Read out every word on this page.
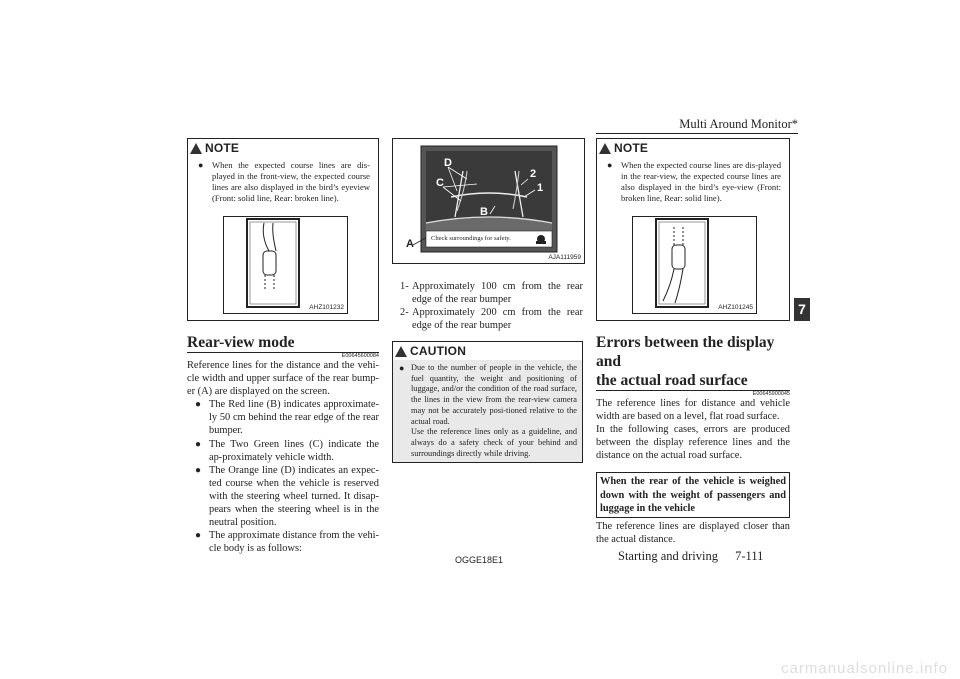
Multi Around Monitor*
7
NOTE
● When the expected course lines are dis-played in the front-view, the expected course lines are also displayed in the bird’s eyeview (Front: solid line, Rear: broken line).
AHZ101232
Rear-view mode
E00645600084
Reference lines for the distance and the vehi-cle width and upper surface of the rear bump-er (A) are displayed on the screen.
● The Red line (B) indicates approximate-ly 50 cm behind the rear edge of the rear bumper.
● The Two Green lines (C) indicate the ap-proximately vehicle width.
● The Orange line (D) indicates an expec-ted course when the vehicle is reserved with the steering wheel turned. It disap-pears when the steering wheel is in the neutral position.
● The approximate distance from the vehi-cle body is as follows:
D
C
B
2
1
A	Check surroundings for safety.
AJA111959
1- Approximately 100 cm from the rear edge of the rear bumper
2- Approximately 200 cm from the rear edge of the rear bumper
CAUTION
● Due to the number of people in the vehicle, the fuel quantity, the weight and positioning of luggage, and/or the condition of the road surface, the lines in the view from the rear-view camera may not be accurately posi-tioned relative to the actual road.
Use the reference lines only as a guideline, and always do a safety check of your behind and surroundings directly while driving.
NOTE
● When the expected course lines are dis-played in the rear-view, the expected course lines are also displayed in the bird’s eye-view (Front: broken line, Rear: solid line).
AHZ101245
Errors between the display and
the actual road surface
E00645900045
The reference lines for distance and vehicle width are based on a level, flat road surface.
In the following cases, errors are produced between the display reference lines and the distance on the actual road surface.
When the rear of the vehicle is weighed down with the weight of passengers and luggage in the vehicle
The reference lines are displayed closer than the actual distance.
OGGE18E1	Starting and driving 7-111
carmanualsonline.info
